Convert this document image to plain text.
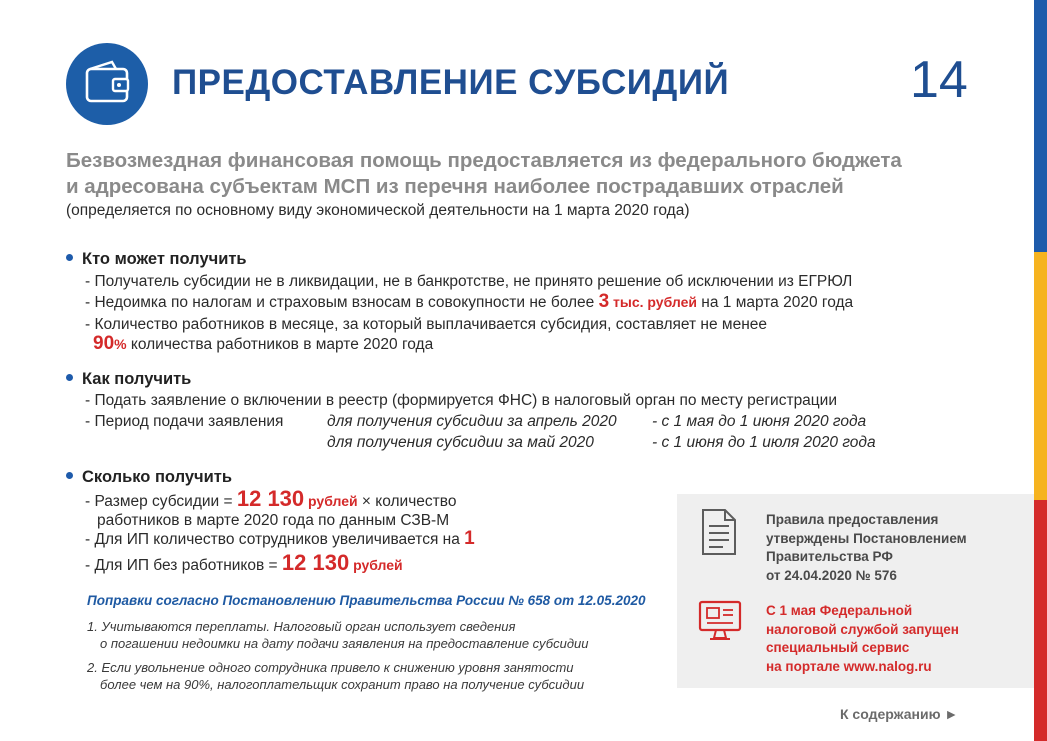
ПРЕДОСТАВЛЕНИЕ СУБСИДИЙ	14
Безвозмездная финансовая помощь предоставляется из федерального бюджета
и адресована субъектам МСП из перечня наиболее пострадавших отраслей
(определяется по основному виду экономической деятельности на 1 марта 2020 года)
Кто может получить
- Получатель субсидии не в ликвидации, не в банкротстве, не принято решение об исключении из ЕГРЮЛ
- Недоимка по налогам и страховым взносам в совокупности не более 3 тыс. рублей на 1 марта 2020 года
- Количество работников в месяце, за который выплачивается субсидия, составляет не менее
90% количества работников в марте 2020 года
Как получить
- Подать заявление о включении в реестр (формируется ФНС) в налоговый орган по месту регистрации
- Период подачи заявления	для получения субсидии за апрель 2020 - с 1 мая до 1 июня 2020 года
для получения субсидии за май 2020	- с 1 июня до 1 июля 2020 года
Сколько получить
- Размер субсидии = 12 130 рублей × количество
работников в марте 2020 года по данным СЗВ-М
- Для ИП количество сотрудников увеличивается на 1
- Для ИП без работников = 12 130 рублей
Поправки согласно Постановлению Правительства России № 658 от 12.05.2020
1. Учитываются переплаты. Налоговый орган использует сведения
о погашении недоимки на дату подачи заявления на предоставление субсидии
2. Если увольнение одного сотрудника привело к снижению уровня занятости
более чем на 90%, налогоплательщик сохранит право на получение субсидии
Правила предоставления
утверждены Постановлением
Правительства РФ
от 24.04.2020 № 576
С 1 мая Федеральной
налоговой службой запущен
специальный сервис
на портале www.nalog.ru
К содержанию ►
